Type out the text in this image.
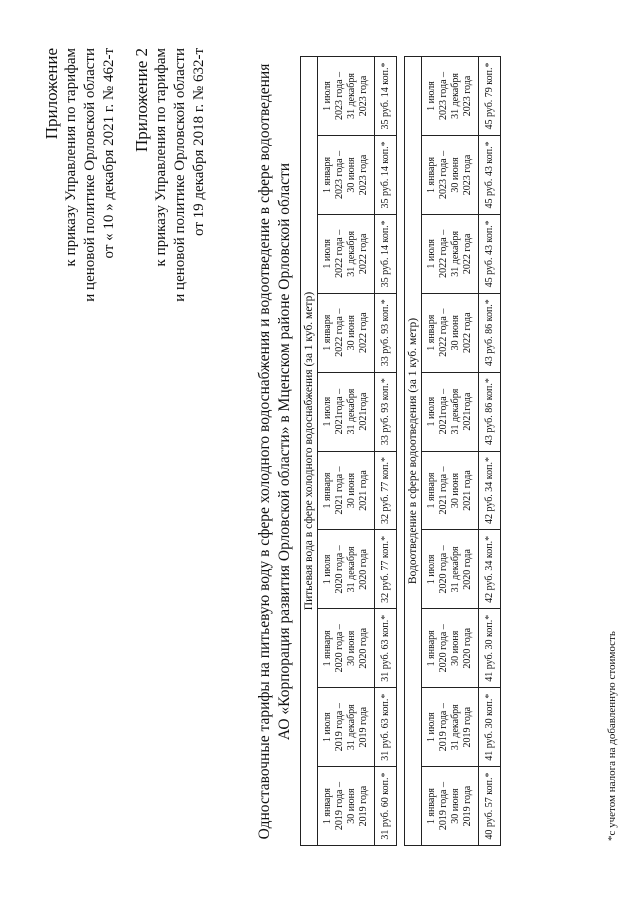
Приложение к приказу Управления по тарифам и ценовой политике Орловской области от « 10 » декабря 2021 г. № 462-т Приложение 2 к приказу Управления по тарифам и ценовой политике Орловской области от 19 декабря 2018 г. № 632-т	Одноставочные тарифы на питьевую воду в сфере холодного водоснабжения и водоотведение в сфере водоотведения АО «Корпорация развития Орловской области» в Мценском районе Орловской области Питьевая вода в сфере холодного водоснабжения (за 1 куб. метр)									
1 января
2019 года –
30 июня
2019 года	1 июля
2019 года –
31 декабря
2019 года	1 января
2020 года –
30 июня
2020 года	1 июля
2020 года –
31 декабря
2020 года	1 января
2021 года –
30 июня
2021 года	1 июля
2021года –
31 декабря
2021года	1 января
2022 года –
30 июня
2022 года	1 июля
2022 года –
31 декабря
2022 года	1 января
2023 года –
30 июня
2023 года	1 июля
2023 года –
31 декабря
2023 года
31 руб. 60 коп.*	31 руб. 63 коп.*	31 руб. 63 коп.*	32 руб. 77 коп.*	32 руб. 77 коп.*	33 руб. 93 коп.*	33 руб. 93 коп.*	35 руб. 14 коп.*	35 руб. 14 коп.*	35 руб. 14 коп.*

Водоотведение в сфере водоотведения (за 1 куб. метр)									
1 января
2019 года –
30 июня
2019 года	1 июля
2019 года –
31 декабря
2019 года	1 января
2020 года –
30 июня
2020 года	1 июля
2020 года –
31 декабря
2020 года	1 января
2021 года –
30 июня
2021 года	1 июля
2021года –
31 декабря
2021года	1 января
2022 года –
30 июня
2022 года	1 июля
2022 года –
31 декабря
2022 года	1 января
2023 года –
30 июня
2023 года	1 июля
2023 года –
31 декабря
2023 года
40 руб. 57 коп.*	41 руб. 30 коп.*	41 руб. 30 коп.*	42 руб. 34 коп.*	42 руб. 34 коп.*	43 руб. 86 коп.*	43 руб. 86 коп.*	45 руб. 43 коп.*	45 руб. 43 коп.*	45 руб. 79 коп.*
*с учетом налога на добавленную стоимость
